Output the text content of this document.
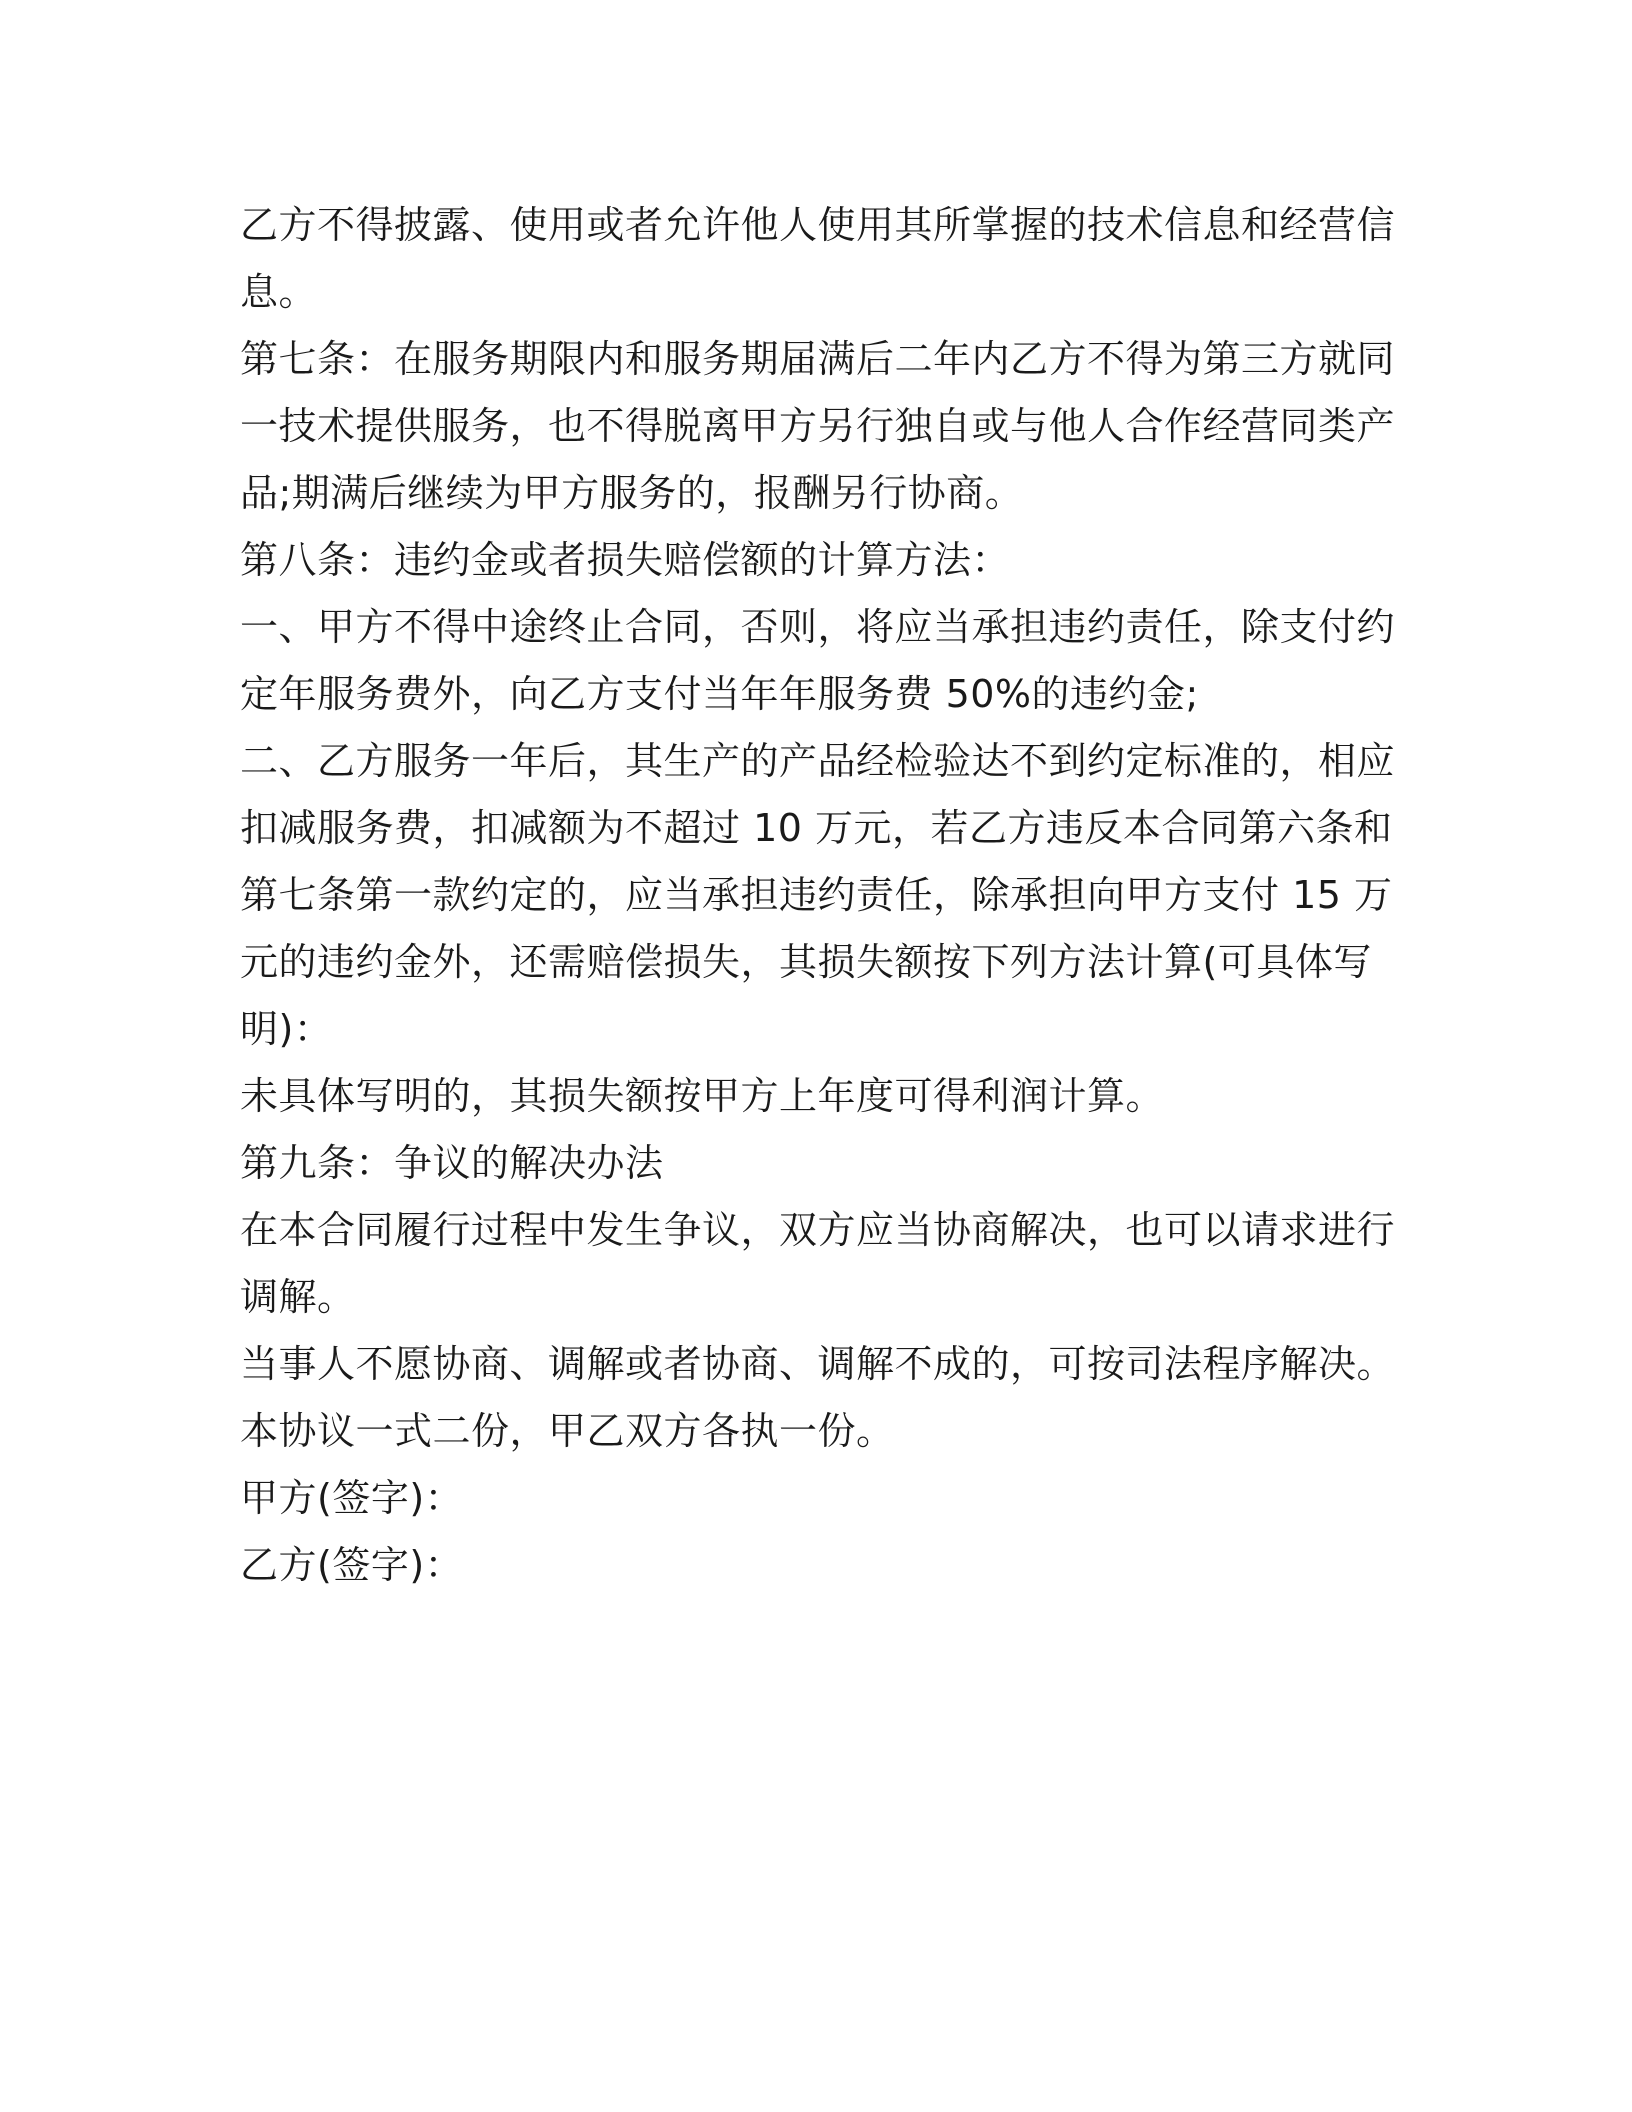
乙方不得披露、使用或者允许他人使用其所掌握的技术信息和经营信息。

第七条：在服务期限内和服务期届满后二年内乙方不得为第三方就同一技术提供服务，也不得脱离甲方另行独自或与他人合作经营同类产品;期满后继续为甲方服务的，报酬另行协商。

第八条：违约金或者损失赔偿额的计算方法：

一、甲方不得中途终止合同，否则，将应当承担违约责任，除支付约定年服务费外，向乙方支付当年年服务费 50%的违约金;

二、乙方服务一年后，其生产的产品经检验达不到约定标准的，相应扣减服务费，扣减额为不超过 10 万元，若乙方违反本合同第六条和第七条第一款约定的，应当承担违约责任，除承担向甲方支付 15 万元的违约金外，还需赔偿损失，其损失额按下列方法计算(可具体写明)：

未具体写明的，其损失额按甲方上年度可得利润计算。

第九条：争议的解决办法

在本合同履行过程中发生争议，双方应当协商解决，也可以请求进行调解。

当事人不愿协商、调解或者协商、调解不成的，可按司法程序解决。

本协议一式二份，甲乙双方各执一份。

甲方(签字)：

乙方(签字)：
